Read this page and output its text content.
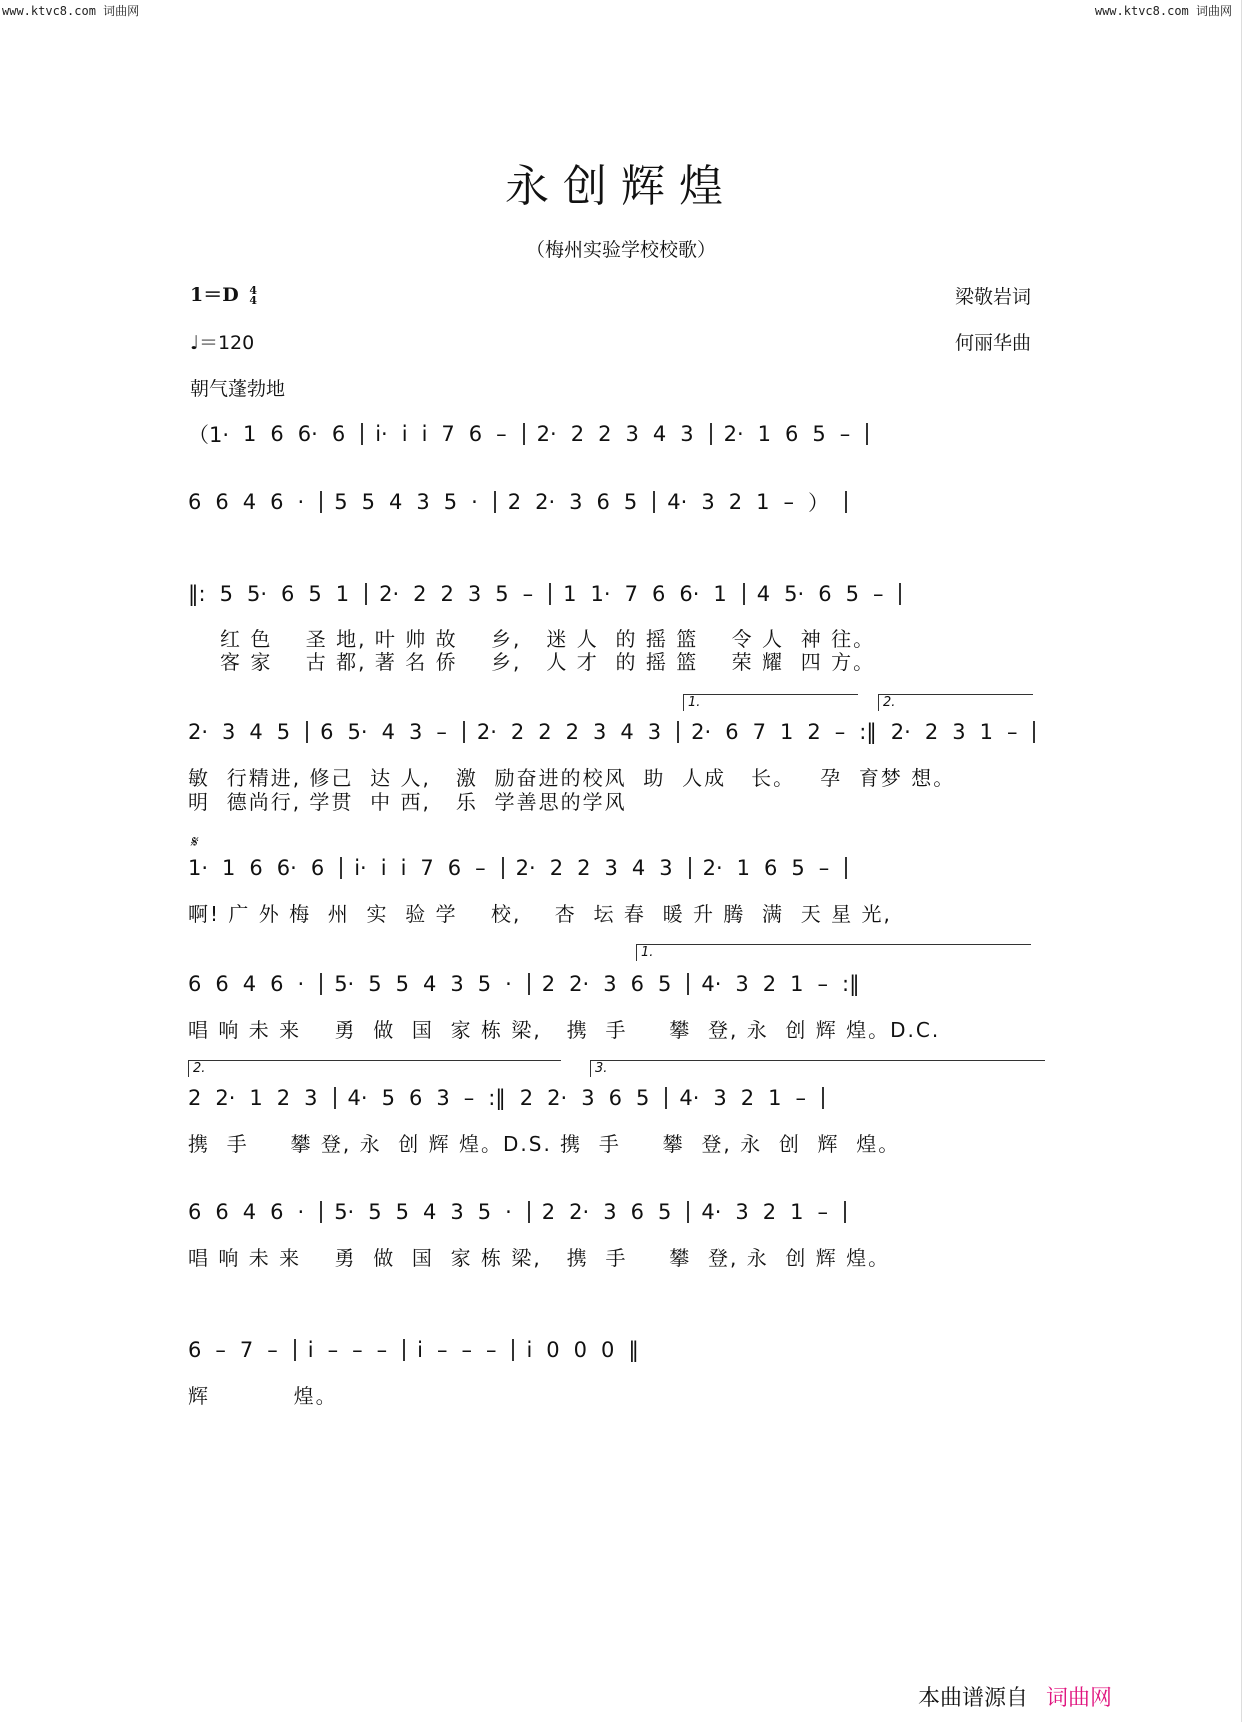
www.ktvc8.com 词曲网	www.ktvc8.com 词曲网
永创辉煌
（梅州实验学校校歌）
1＝D 4
4
♩＝120
朝气蓬勃地
梁敬岩词
何丽华曲
（1· 1 6 6· 6 i· i i 7 6 – 2· 2 2 3 4 3 2· 1 6 5 –
6 6 4 6 · 5 5 4 3 5 · 2 2· 3 6 5 4· 3 2 1 – ）
‖: 5 5· 6 5 1 2· 2 2 3 5 – 1 1· 7 6 6· 1 4 5· 6 5 –
红 色    圣 地, 叶 帅 故    乡,   迷 人  的 摇 篮    令 人  神 往。
客 家    古 都, 著 名 侨    乡,   人 才  的 摇 篮    荣 耀  四 方。
1.	2.
2· 3 4 5 6 5· 4 3 – 2· 2 2 2 3 4 3 2· 6 7 1 2 – :‖ 2· 2 3 1 –
敏  行精进, 修己  达 人,   激  励奋进的校风  助  人成   长。   孕  育梦 想。
明  德尚行, 学贯  中 西,   乐  学善思的学风
𝄋
1· 1 6 6· 6 i· i i 7 6 – 2· 2 2 3 4 3 2· 1 6 5 –
啊! 广 外 梅  州  实  验 学    校,    杏  坛 春  暖 升 腾  满  天 星 光,
1.
6 6 4 6 · 5· 5 5 4 3 5 · 2 2· 3 6 5 4· 3 2 1 – :‖
唱 响 未 来    勇  做  国  家 栋 梁,   携  手     攀  登, 永  创 辉 煌。D.C.
2.	3.
2 2· 1 2 3 4· 5 6 3 – :‖ 2 2· 3 6 5 4· 3 2 1 –
携  手     攀 登, 永  创 辉 煌。D.S. 携  手     攀  登, 永  创  辉  煌。
6 6 4 6 · 5· 5 5 4 3 5 · 2 2· 3 6 5 4· 3 2 1 –
唱 响 未 来    勇  做  国  家 栋 梁,   携  手     攀  登, 永  创 辉 煌。
6 – 7 – i – – – i – – – i 0 0 0 ‖
辉          煌。
本曲谱源自 词曲网
